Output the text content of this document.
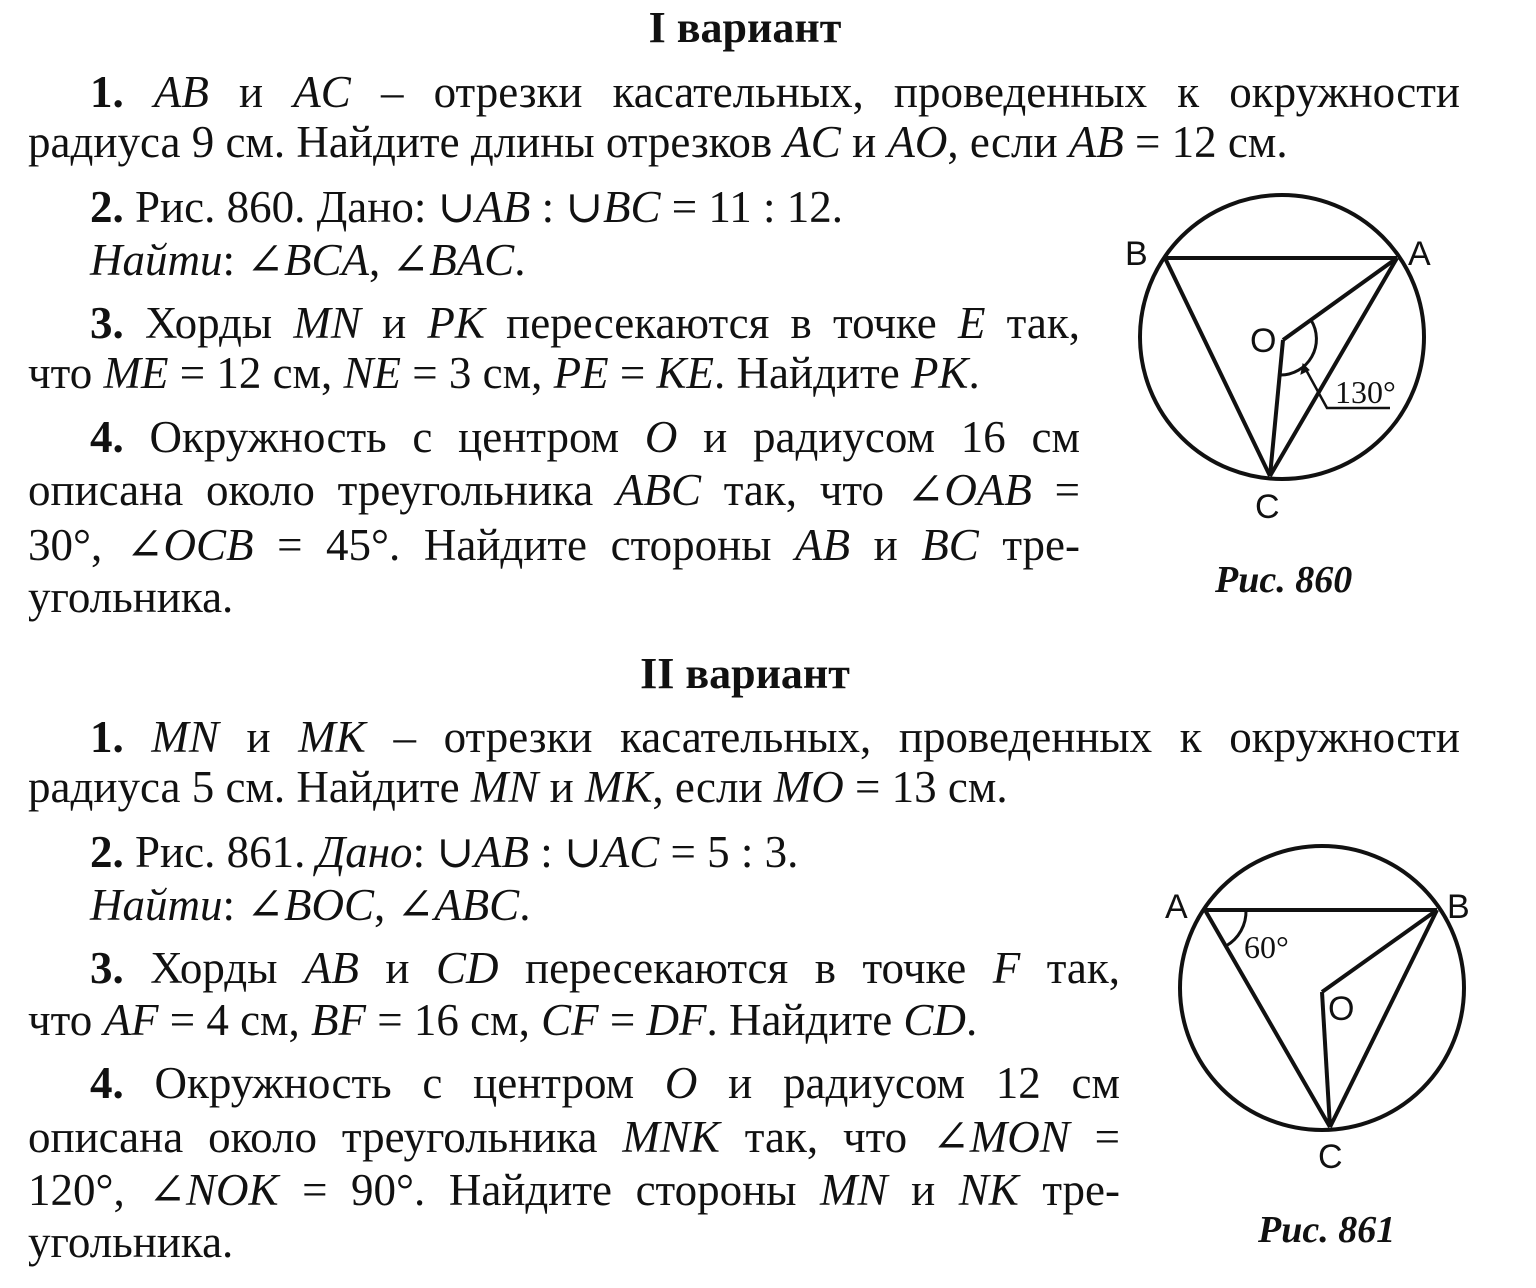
I вариант
1. AB и AC – отрезки касательных, проведенных к окружности
радиуса 9 см. Найдите длины отрезков AC и AO, если AB = 12 см.
2. Рис. 860. Дано: ∪AB : ∪BC = 11 : 12.
Найти: ∠BCA, ∠BAC.
3. Хорды MN и PK пересекаются в точке E так,
что ME = 12 см, NE = 3 см, PE = KE. Найдите PK.
4. Окружность с центром O и радиусом 16 см
описана около треугольника ABC так, что ∠OAB =
30°, ∠OCB = 45°. Найдите стороны AB и BC тре-
угольника.
II вариант
1. MN и MK – отрезки касательных, проведенных к окружности
радиуса 5 см. Найдите MN и MK, если MO = 13 см.
2. Рис. 861. Дано: ∪AB : ∪AC = 5 : 3.
Найти: ∠BOC, ∠ABC.
3. Хорды AB и CD пересекаются в точке F так,
что AF = 4 см, BF = 16 см, CF = DF. Найдите CD.
4. Окружность с центром O и радиусом 12 см
описана около треугольника MNK так, что ∠MON =
120°, ∠NOK = 90°. Найдите стороны MN и NK тре-
угольника.
B	A
C
O
130°
A	B
C
O
60°
Рис. 860
Рис. 861
